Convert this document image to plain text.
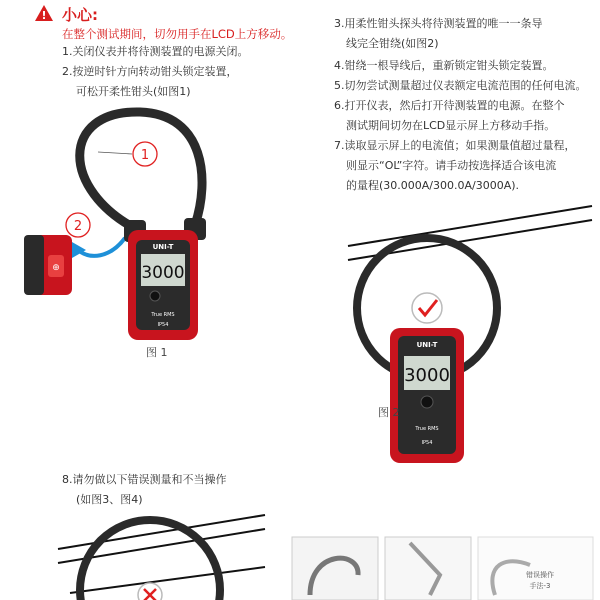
! 小心:
在整个测试期间，切勿用手在LCD上方移动。
1.关闭仪表并将待测装置的电源关闭。
2.按逆时针方向转动钳头锁定装置，
可松开柔性钳头(如图1)
3.用柔性钳头探头将待测装置的唯一一条导
线完全钳绕(如图2)
4.钳绕一根导线后，重新锁定钳头锁定装置。
5.切勿尝试测量超过仪表额定电流范围的任何电流。
6.打开仪表，然后打开待测装置的电源。在整个
测试期间切勿在LCD显示屏上方移动手指。
7.读取显示屏上的电流值；如果测量值超过量程，
则显示“OL”字符。请手动按选择适合该电流
的量程(30.000A/300.0A/3000A).
1
2
⊕
UNI-T
3000
True RMS
IP54
图 1
UNI-T
3000
True RMS
IP54
图 2
8.请勿做以下错误测量和不当操作
(如图3、图4)
错误操作
手法-3
